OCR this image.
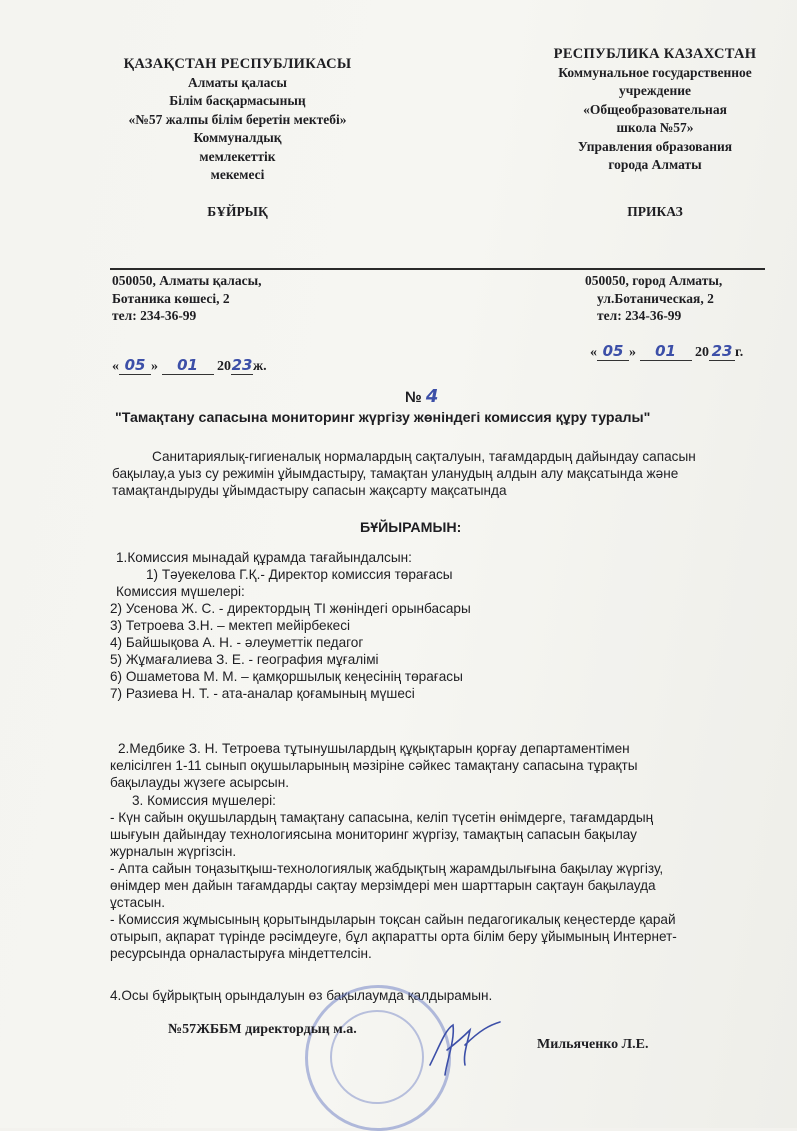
ҚАЗАҚСТАН РЕСПУБЛИКАСЫ
Алматы қаласы
Білім басқармасының
«№57 жалпы білім беретін мектебі»
Коммуналдық
мемлекеттік
мекемесі
БҰЙРЫҚ
РЕСПУБЛИКА КАЗАХСТАН
Коммунальное государственное
учреждение
«Общеобразовательная
школа №57»
Управления образования
города Алматы
ПРИКАЗ
050050, Алматы қаласы,
Ботаника көшесі, 2
тел: 234-36-99
050050, город Алматы,
ул.Ботаническая, 2
тел: 234-36-99
« 05 » 01 2023ж.
« 05 » 01 20 23 г.
№ 4
"Тамақтану сапасына мониторинг жүргізу жөніндегі комиссия құру туралы"
Санитариялық-гигиеналық нормалардың сақталуын, тағамдардың дайындау сапасын
бақылау,а уыз су режимін ұйымдастыру, тамақтан уланудың алдын алу мақсатында және
тамақтандыруды ұйымдастыру сапасын жақсарту мақсатында
БҰЙЫРАМЫН:
1.Комиссия мынадай құрамда тағайындалсын:
1) Тәуекелова Г.Қ.- Директор комиссия төрағасы
Комиссия мүшелері:
2) Усенова Ж. С. - директордың ТІ жөніндегі орынбасары
3) Тетроева З.Н. – мектеп мейірбекесі
4) Байшықова А. Н. - әлеуметтік педагог
5) Жұмағалиева З. Е. - география мұғалімі
6) Ошаметова М. М. – қамқоршылық кеңесінің төрағасы
7) Разиева Н. Т. - ата-аналар қоғамының мүшесі
2.Медбике З. Н. Тетроева тұтынушылардың құқықтарын қорғау департаментімен
келісілген 1-11 сынып оқушыларының мәзіріне сәйкес тамақтану сапасына тұрақты
бақылауды жүзеге асырсын.
3. Комиссия мүшелері:
- Күн сайын оқушылардың тамақтану сапасына, келіп түсетін өнімдерге, тағамдардың
шығуын дайындау технологиясына мониторинг жүргізу, тамақтың сапасын бақылау
журналын жүргізсін.
- Апта сайын тоңазытқыш-технологиялық жабдықтың жарамдылығына бақылау жүргізу,
өнімдер мен дайын тағамдарды сақтау мерзімдері мен шарттарын сақтаун бақылауда
ұстасын.
- Комиссия жұмысының қорытындыларын тоқсан сайын педагогикалық кеңестерде қарай
отырып, ақпарат түрінде рәсімдеуге, бұл ақпаратты орта білім беру ұйымының Интернет-
ресурсында орналастыруға міндеттелсін.
4.Осы бұйрықтың орындалуын өз бақылаумда қалдырамын.
№57ЖББМ директордың м.а.
Мильяченко Л.Е.
